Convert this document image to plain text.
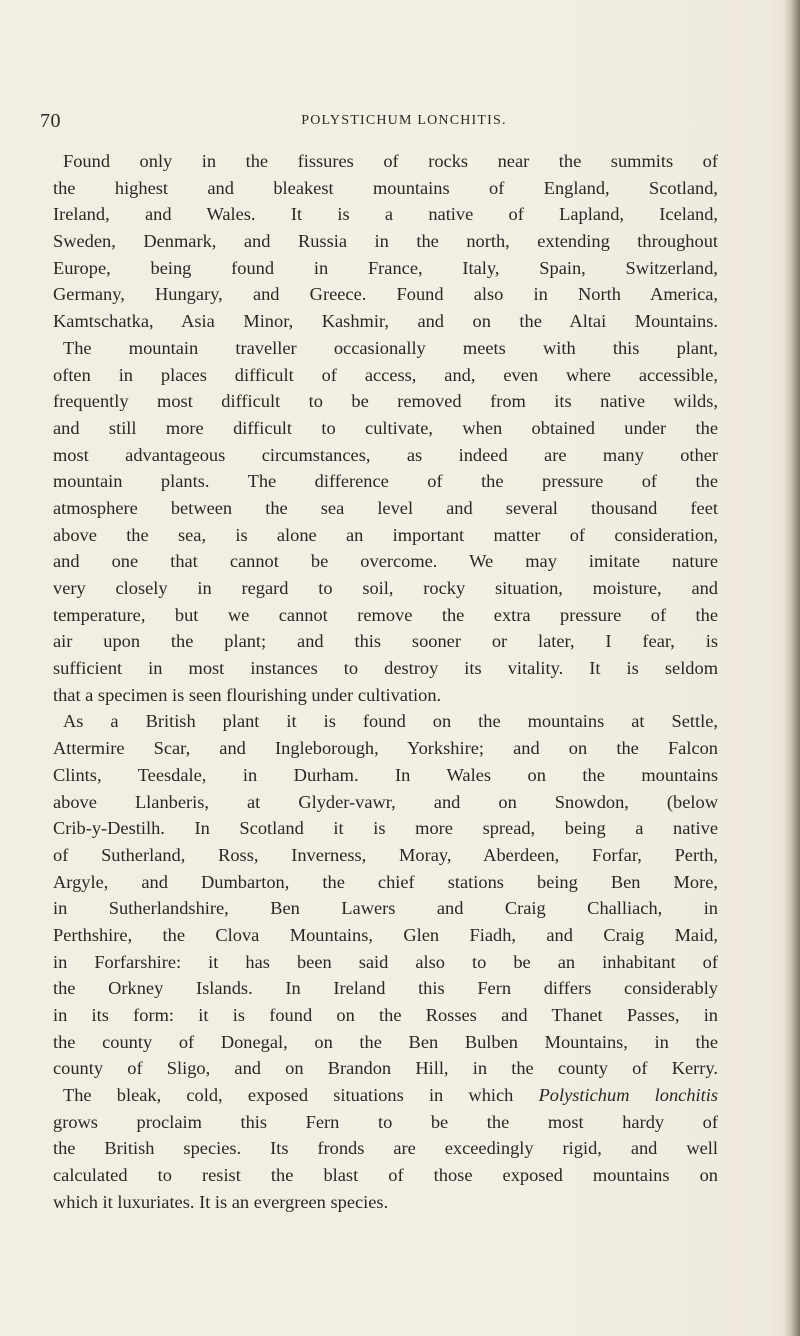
70	POLYSTICHUM LONCHITIS.
Found only in the fissures of rocks near the summits of
the highest and bleakest mountains of England, Scotland,
Ireland, and Wales. It is a native of Lapland, Iceland,
Sweden, Denmark, and Russia in the north, extending throughout
Europe, being found in France, Italy, Spain, Switzerland,
Germany, Hungary, and Greece. Found also in North America,
Kamtschatka, Asia Minor, Kashmir, and on the Altai Mountains.
The mountain traveller occasionally meets with this plant,
often in places difficult of access, and, even where accessible,
frequently most difficult to be removed from its native wilds,
and still more difficult to cultivate, when obtained under the
most advantageous circumstances, as indeed are many other
mountain plants. The difference of the pressure of the
atmosphere between the sea level and several thousand feet
above the sea, is alone an important matter of consideration,
and one that cannot be overcome. We may imitate nature
very closely in regard to soil, rocky situation, moisture, and
temperature, but we cannot remove the extra pressure of the
air upon the plant; and this sooner or later, I fear, is
sufficient in most instances to destroy its vitality. It is seldom
that a specimen is seen flourishing under cultivation.
As a British plant it is found on the mountains at Settle,
Attermire Scar, and Ingleborough, Yorkshire; and on the Falcon
Clints, Teesdale, in Durham. In Wales on the mountains
above Llanberis, at Glyder-vawr, and on Snowdon, (below
Crib-y-Destilh. In Scotland it is more spread, being a native
of Sutherland, Ross, Inverness, Moray, Aberdeen, Forfar, Perth,
Argyle, and Dumbarton, the chief stations being Ben More,
in Sutherlandshire, Ben Lawers and Craig Challiach, in
Perthshire, the Clova Mountains, Glen Fiadh, and Craig Maid,
in Forfarshire: it has been said also to be an inhabitant of
the Orkney Islands. In Ireland this Fern differs considerably
in its form: it is found on the Rosses and Thanet Passes, in
the county of Donegal, on the Ben Bulben Mountains, in the
county of Sligo, and on Brandon Hill, in the county of Kerry.
The bleak, cold, exposed situations in which Polystichum lonchitis
grows proclaim this Fern to be the most hardy of
the British species. Its fronds are exceedingly rigid, and well
calculated to resist the blast of those exposed mountains on
which it luxuriates. It is an evergreen species.
